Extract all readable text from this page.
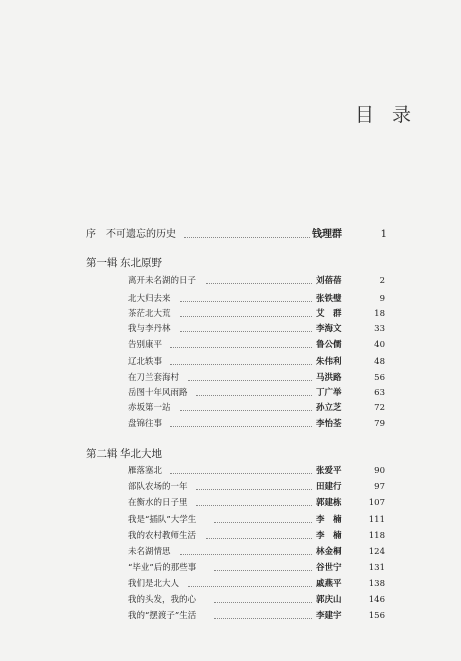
目 录
序 不可遗忘的历史	钱理群	1
第一辑 东北原野
离开未名湖的日子	刘蓓蓓	2
北大归去来	张铁璧	9
茶茫北大荒	艾　群	18
我与李丹林	李海文	33
告别康平	鲁公儒	40
辽北轶事	朱伟利	48
在刀兰套海村	马洪路	56
岳图十年风雨路	丁广举	63
赤坂第一站	孙立芝	72
盘锦往事	李怡荃	79
第二辑 华北大地
雁落塞北	张爱平	90
部队农场的一年	田建行	97
在衡水的日子里	郭建栋	107
我是“插队”大学生	李　楠	111
我的农村教师生活	李　楠	118
未名湖情思	林金桐	124
“毕业”后的那些事	谷世宁	131
我们是北大人	戚燕平	138
我的头发，我的心	郭庆山	146
我的“摆渡子”生活	李建宇	156
